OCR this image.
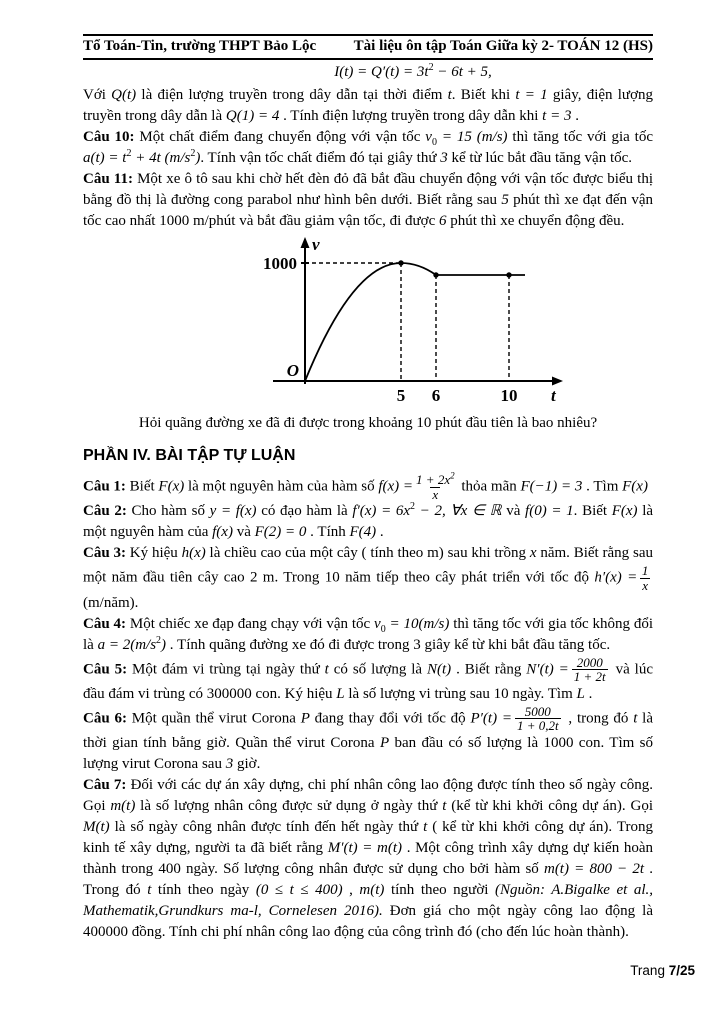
Tổ Toán-Tin, trường THPT Bảo Lộc Tài liệu ôn tập Toán Giữa kỳ 2- TOÁN 12 (HS)
$I(t) = Q'(t) = 3t^2 - 6t + 5$,

Với Q(t) là điện lượng truyền trong dây dẫn tại thời điểm t. Biết khi t = 1 giây, điện lượng truyền trong dây dẫn là Q(1) = 4 . Tính điện lượng truyền trong dây dẫn khi t = 3 .

Câu 10: Một chất điểm đang chuyển động với vận tốc $v_0 = 15$ (m/s) thì tăng tốc với gia tốc $a(t) = t^2 + 4t$ $(m/s^2)$. Tính vận tốc chất điểm đó tại giây thứ 3 kể từ lúc bắt đầu tăng vận tốc.

Câu 11: Một xe ô tô sau khi chờ hết đèn đỏ đã bắt đầu chuyển động với vận tốc được biểu thị bằng đồ thị là đường cong parabol như hình bên dưới. Biết rằng sau 5 phút thì xe đạt đến vận tốc cao nhất 1000 m/phút và bắt đầu giảm vận tốc, đi được 6 phút thì xe chuyển động đều.

1000
O
5 6	10 t
v

Hỏi quãng đường xe đã đi được trong khoảng 10 phút đầu tiên là bao nhiêu?

PHẦN IV. BÀI TẬP TỰ LUẬN

Câu 1: Biết F(x) là một nguyên hàm của hàm số $f(x) = \frac{1 + 2x^2}{x}$ thỏa mãn F(−1) = 3 . Tìm F(x)

Câu 2: Cho hàm số y = f(x) có đạo hàm là $f'(x) = 6x^2 - 2$, ∀x ∈ ℝ và f(0) = 1. Biết F(x) là một nguyên hàm của f(x) và F(2) = 0 . Tính F(4) .

Câu 3: Ký hiệu h(x) là chiều cao của một cây ( tính theo m) sau khi trồng x năm. Biết rằng sau một năm đầu tiên cây cao 2 m. Trong 10 năm tiếp theo cây phát triển với tốc độ $h'(x) = \frac{1}{x}$
(m/năm).

Câu 4: Một chiếc xe đạp đang chạy với vận tốc $v_0 = 10(m/s)$ thì tăng tốc với gia tốc không đổi là $a = 2(m/s^2)$ . Tính quãng đường xe đó đi được trong 3 giây kể từ khi bắt đầu tăng tốc.

Câu 5: Một đám vi trùng tại ngày thứ t có số lượng là N(t) . Biết rằng $N'(t) = \frac{2000}{1 + 2t}$ và lúc đầu đám vi trùng có 300000 con. Ký hiệu L là số lượng vi trùng sau 10 ngày. Tìm L .

Câu 6: Một quần thể virut Corona P đang thay đổi với tốc độ $P'(t) = \frac{5000}{1 + 0,2t}$ , trong đó t là thời gian tính bằng giờ. Quần thể virut Corona P ban đầu có số lượng là 1000 con. Tìm số lượng virut Corona sau 3 giờ.

Câu 7: Đối với các dự án xây dựng, chi phí nhân công lao động được tính theo số ngày công. Gọi m(t) là số lượng nhân công được sử dụng ở ngày thứ t (kể từ khi khởi công dự án). Gọi M(t) là số ngày công nhân được tính đến hết ngày thứ t ( kể từ khi khởi công dự án). Trong kinh tế xây dựng, người ta đã biết rằng M′(t) = m(t) . Một công trình xây dựng dự kiến hoàn thành trong 400 ngày. Số lượng công nhân được sử dụng cho bởi hàm số m(t) = 800 − 2t . Trong đó t tính theo ngày (0 ≤ t ≤ 400) , m(t) tính theo người (Nguồn: A.Bigalke et al., Mathematik,Grundkurs ma-l, Cornelesen 2016). Đơn giá cho một ngày công lao động là 400000 đồng. Tính chi phí nhân công lao động của công trình đó (cho đến lúc hoàn thành).

Trang 7/25
